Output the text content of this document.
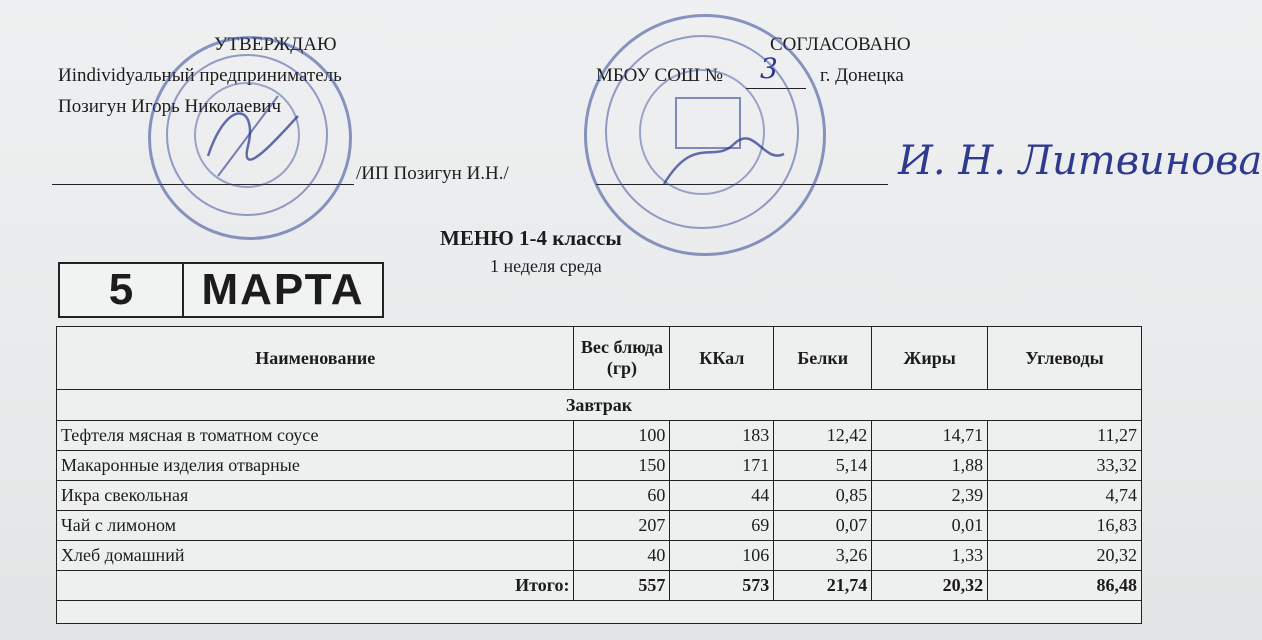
УТВЕРЖДАЮ
Иindividуальный предприниматель
Позигун Игорь Николаевич
/ИП Позигун И.Н./
СОГЛАСОВАНО
МБОУ СОШ № 3 г. Донецка
И. Н. Литвинова
МЕНЮ 1-4 классы
1 неделя среда
5	МАРТА
Наименование	Вес блюда (гр)	ККал	Белки	Жиры	Углеводы
Завтрак					
Тефтеля мясная в томатном соусе	100	183	12,42	14,71	11,27
Макаронные изделия отварные	150	171	5,14	1,88	33,32
Икра свекольная	60	44	0,85	2,39	4,74
Чай с лимоном	207	69	0,07	0,01	16,83
Хлеб домашний	40	106	3,26	1,33	20,32
Итого:	557	573	21,74	20,32	86,48
